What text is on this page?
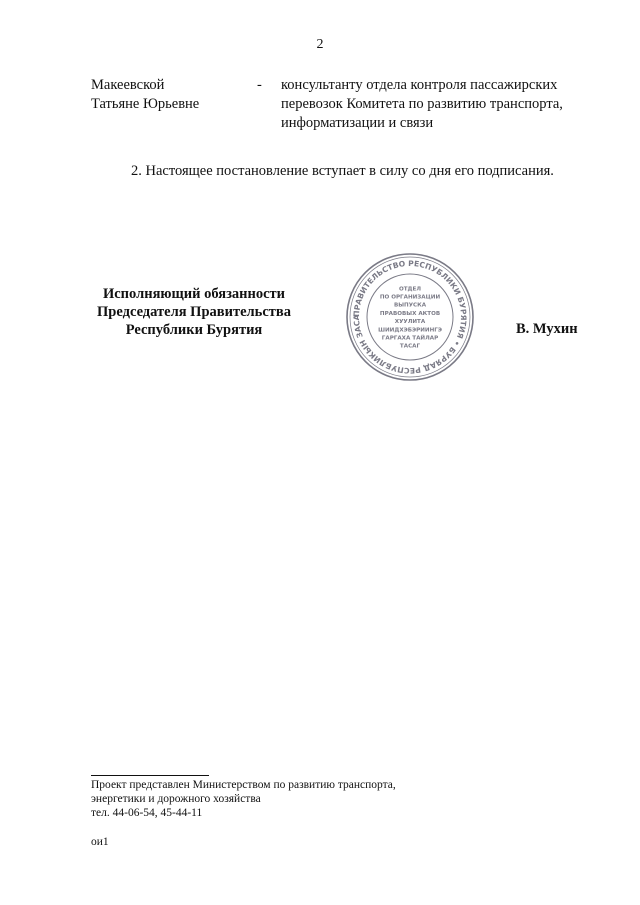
2
Макеевской
Татьяне Юрьевне
- консультанту отдела контроля пассажирских
перевозок Комитета по развитию транспорта,
информатизации и связи
2. Настоящее постановление вступает в силу со дня его подписания.
Исполняющий обязанности
Председателя Правительства
Республики Бурятия
ПРАВИТЕЛЬСТВО РЕСПУБЛИКИ БУРЯТИЯ • БУРЯАД РЕСПУБЛИКЫН ЗАСА
ОТДЕЛ
ПО ОРГАНИЗАЦИИ
ВЫПУСКА
ПРАВОВЫХ АКТОВ
ХУУЛИТА
ШИИДХЭБЭРИИНГЭ
ГАРГАХА ТАЙЛАР
ТАСАГ
В. Мухин
Проект представлен Министерством по развитию транспорта,
энергетики и дорожного хозяйства
тел. 44-06-54, 45-44-11
ои1
